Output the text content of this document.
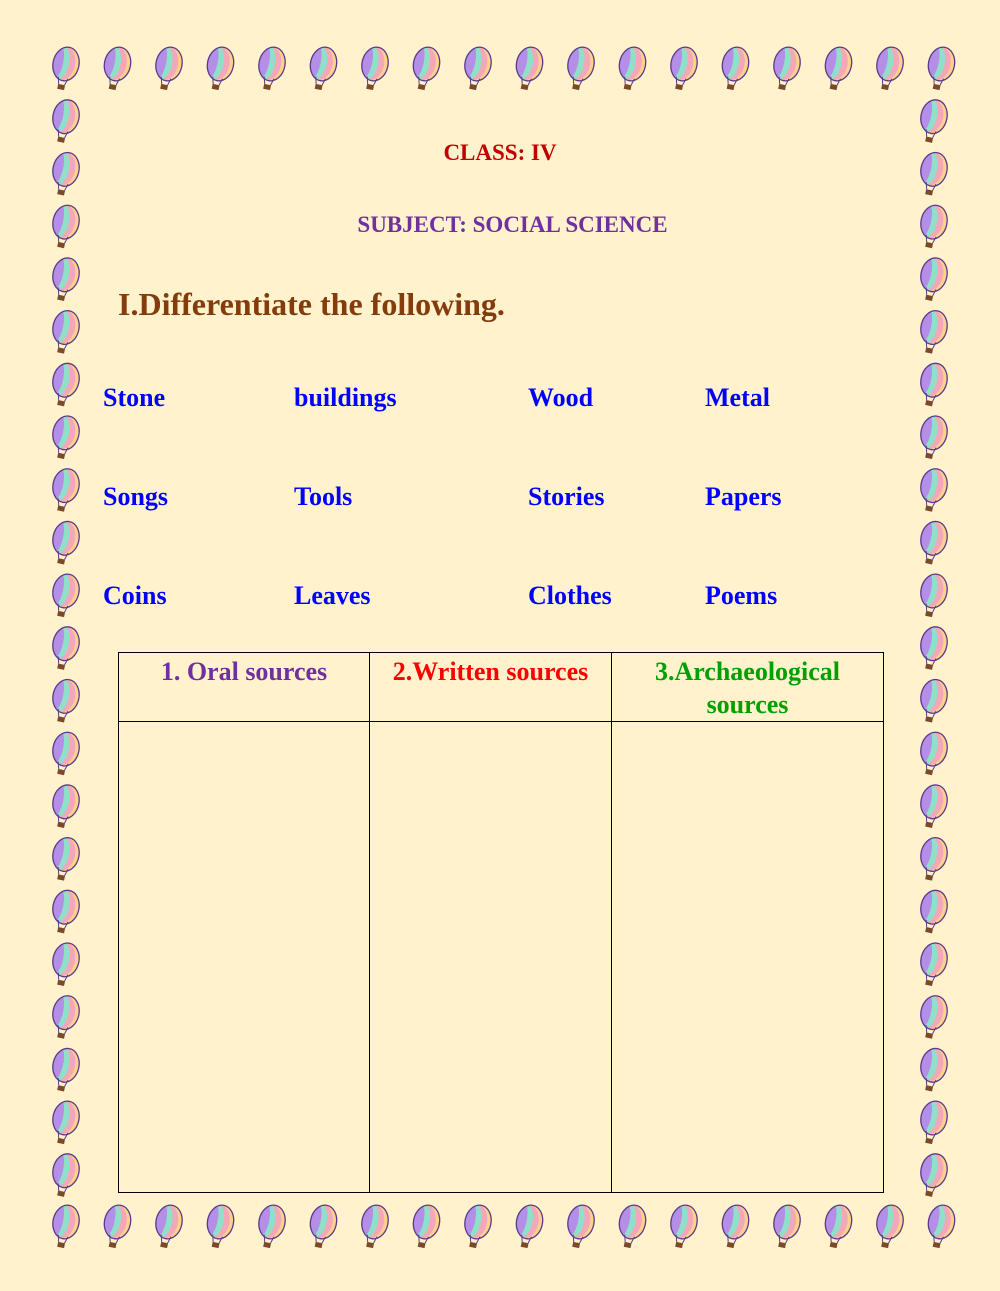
CLASS: IV
SUBJECT: SOCIAL SCIENCE
I.Differentiate the following.
Stone	buildings	Wood	Metal
Songs	Tools	Stories	Papers
Coins	Leaves	Clothes	Poems
1. Oral sources	2.Written sources	3.Archaeological
sources
